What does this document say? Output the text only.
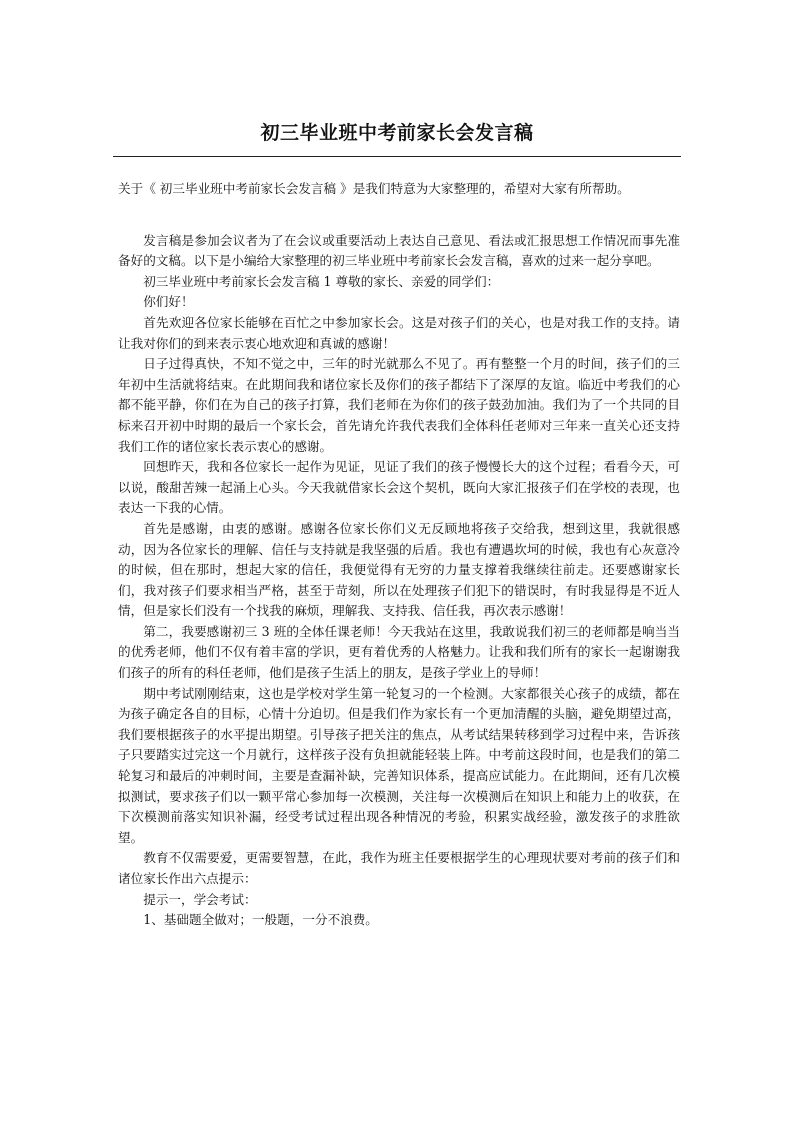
初三毕业班中考前家长会发言稿

关于《 初三毕业班中考前家长会发言稿 》是我们特意为大家整理的，希望对大家有所帮助。

发言稿是参加会议者为了在会议或重要活动上表达自己意见、看法或汇报思想工作情况而事先准备好的文稿。以下是小编给大家整理的初三毕业班中考前家长会发言稿，喜欢的过来一起分享吧。

初三毕业班中考前家长会发言稿 1 尊敬的家长、亲爱的同学们：

你们好！

首先欢迎各位家长能够在百忙之中参加家长会。这是对孩子们的关心，也是对我工作的支持。请让我对你们的到来表示衷心地欢迎和真诚的感谢！

日子过得真快，不知不觉之中，三年的时光就那么不见了。再有整整一个月的时间，孩子们的三年初中生活就将结束。在此期间我和诸位家长及你们的孩子都结下了深厚的友谊。临近中考我们的心都不能平静，你们在为自己的孩子打算，我们老师在为你们的孩子鼓劲加油。我们为了一个共同的目标来召开初中时期的最后一个家长会，首先请允许我代表我们全体科任老师对三年来一直关心还支持我们工作的诸位家长表示衷心的感谢。

回想昨天，我和各位家长一起作为见证，见证了我们的孩子慢慢长大的这个过程；看看今天，可以说，酸甜苦辣一起涌上心头。今天我就借家长会这个契机，既向大家汇报孩子们在学校的表现，也表达一下我的心情。

首先是感谢，由衷的感谢。感谢各位家长你们义无反顾地将孩子交给我，想到这里，我就很感动，因为各位家长的理解、信任与支持就是我坚强的后盾。我也有遭遇坎坷的时候，我也有心灰意冷的时候，但在那时，想起大家的信任，我便觉得有无穷的力量支撑着我继续往前走。还要感谢家长们，我对孩子们要求相当严格，甚至于苛刻，所以在处理孩子们犯下的错误时，有时我显得是不近人情，但是家长们没有一个找我的麻烦，理解我、支持我、信任我，再次表示感谢！

第二，我要感谢初三 3 班的全体任课老师！今天我站在这里，我敢说我们初三的老师都是响当当的优秀老师，他们不仅有着丰富的学识，更有着优秀的人格魅力。让我和我们所有的家长一起谢谢我们孩子的所有的科任老师，他们是孩子生活上的朋友，是孩子学业上的导师！

期中考试刚刚结束，这也是学校对学生第一轮复习的一个检测。大家都很关心孩子的成绩，都在为孩子确定各自的目标，心情十分迫切。但是我们作为家长有一个更加清醒的头脑，避免期望过高，我们要根据孩子的水平提出期望。引导孩子把关注的焦点，从考试结果转移到学习过程中来，告诉孩子只要踏实过完这一个月就行，这样孩子没有负担就能轻装上阵。中考前这段时间，也是我们的第二轮复习和最后的冲刺时间，主要是查漏补缺，完善知识体系，提高应试能力。在此期间，还有几次模拟测试，要求孩子们以一颗平常心参加每一次模测，关注每一次模测后在知识上和能力上的收获，在下次模测前落实知识补漏，经受考试过程出现各种情况的考验，积累实战经验，激发孩子的求胜欲望。

教育不仅需要爱，更需要智慧，在此，我作为班主任要根据学生的心理现状要对考前的孩子们和诸位家长作出六点提示：

提示一，学会考试：

1、基础题全做对；一般题，一分不浪费。
